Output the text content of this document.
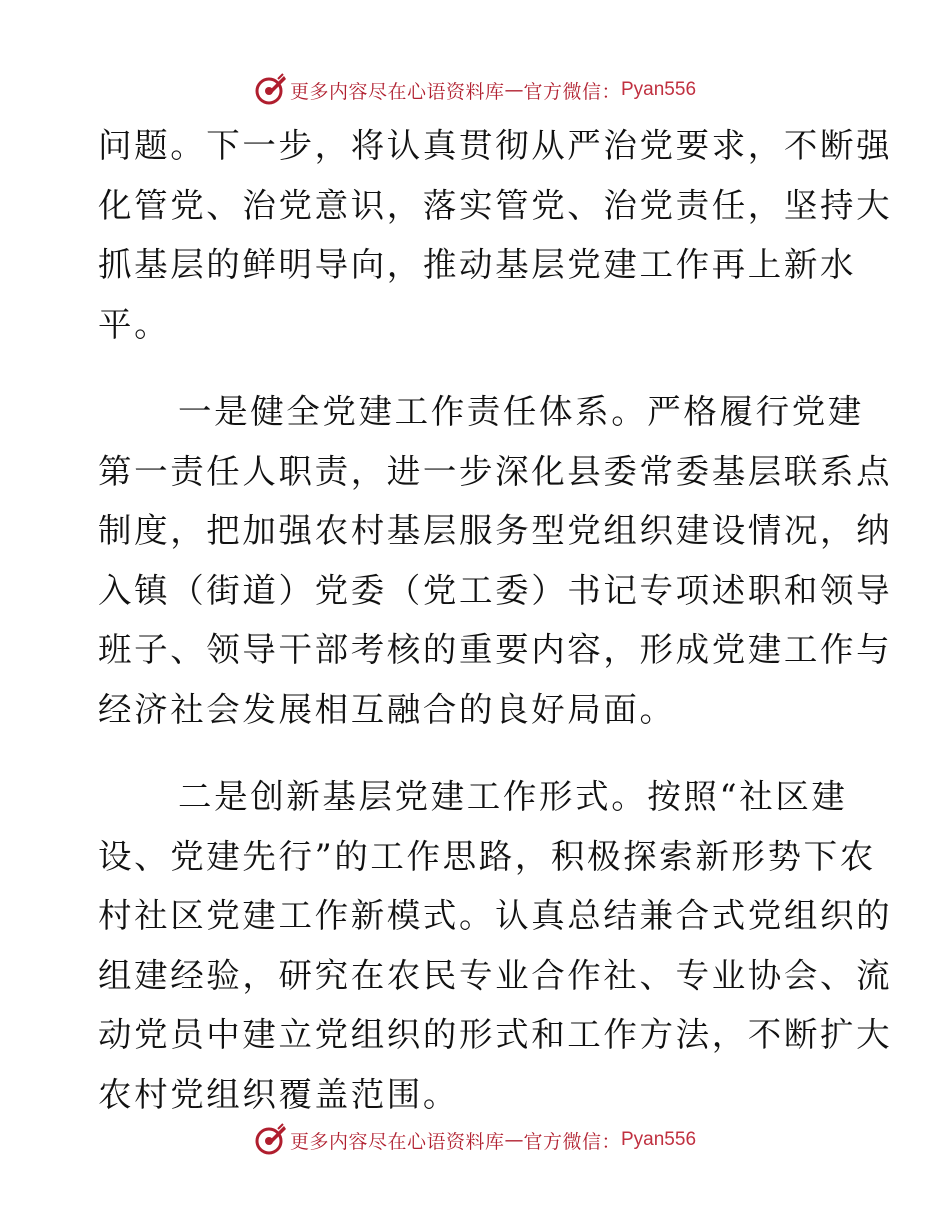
更多内容尽在心语资料库 — 官方微信： Pyan556
问题。下一步，将认真贯彻从严治党要求，不断强
化管党、治党意识，落实管党、治党责任，坚持大
抓基层的鲜明导向，推动基层党建工作再上新水
平。
一是健全党建工作责任体系。严格履行党建
第一责任人职责，进一步深化县委常委基层联系点
制度，把加强农村基层服务型党组织建设情况，纳
入镇（街道）党委（党工委）书记专项述职和领导
班子、领导干部考核的重要内容，形成党建工作与
经济社会发展相互融合的良好局面。
二是创新基层党建工作形式。按照“社区建
设、党建先行”的工作思路，积极探索新形势下农
村社区党建工作新模式。认真总结兼合式党组织的
组建经验，研究在农民专业合作社、专业协会、流
动党员中建立党组织的形式和工作方法，不断扩大
农村党组织覆盖范围。
更多内容尽在心语资料库 — 官方微信： Pyan556
